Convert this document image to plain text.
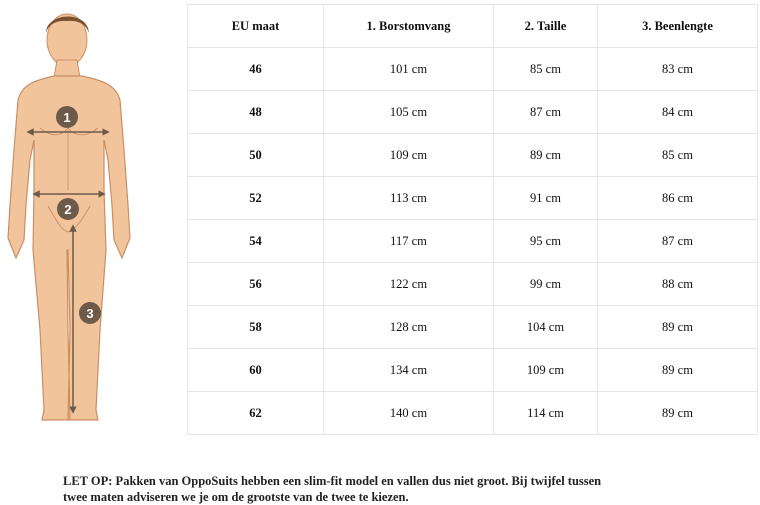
1
2
3
EU maat	1. Borstomvang	2. Taille	3. Beenlengte
46	101 cm	85 cm	83 cm
48	105 cm	87 cm	84 cm
50	109 cm	89 cm	85 cm
52	113 cm	91 cm	86 cm
54	117 cm	95 cm	87 cm
56	122 cm	99 cm	88 cm
58	128 cm	104 cm	89 cm
60	134 cm	109 cm	89 cm
62	140 cm	114 cm	89 cm
LET OP: Pakken van OppoSuits hebben een slim-fit model en vallen dus niet groot. Bij twijfel tussen
twee maten adviseren we je om de grootste van de twee te kiezen.
